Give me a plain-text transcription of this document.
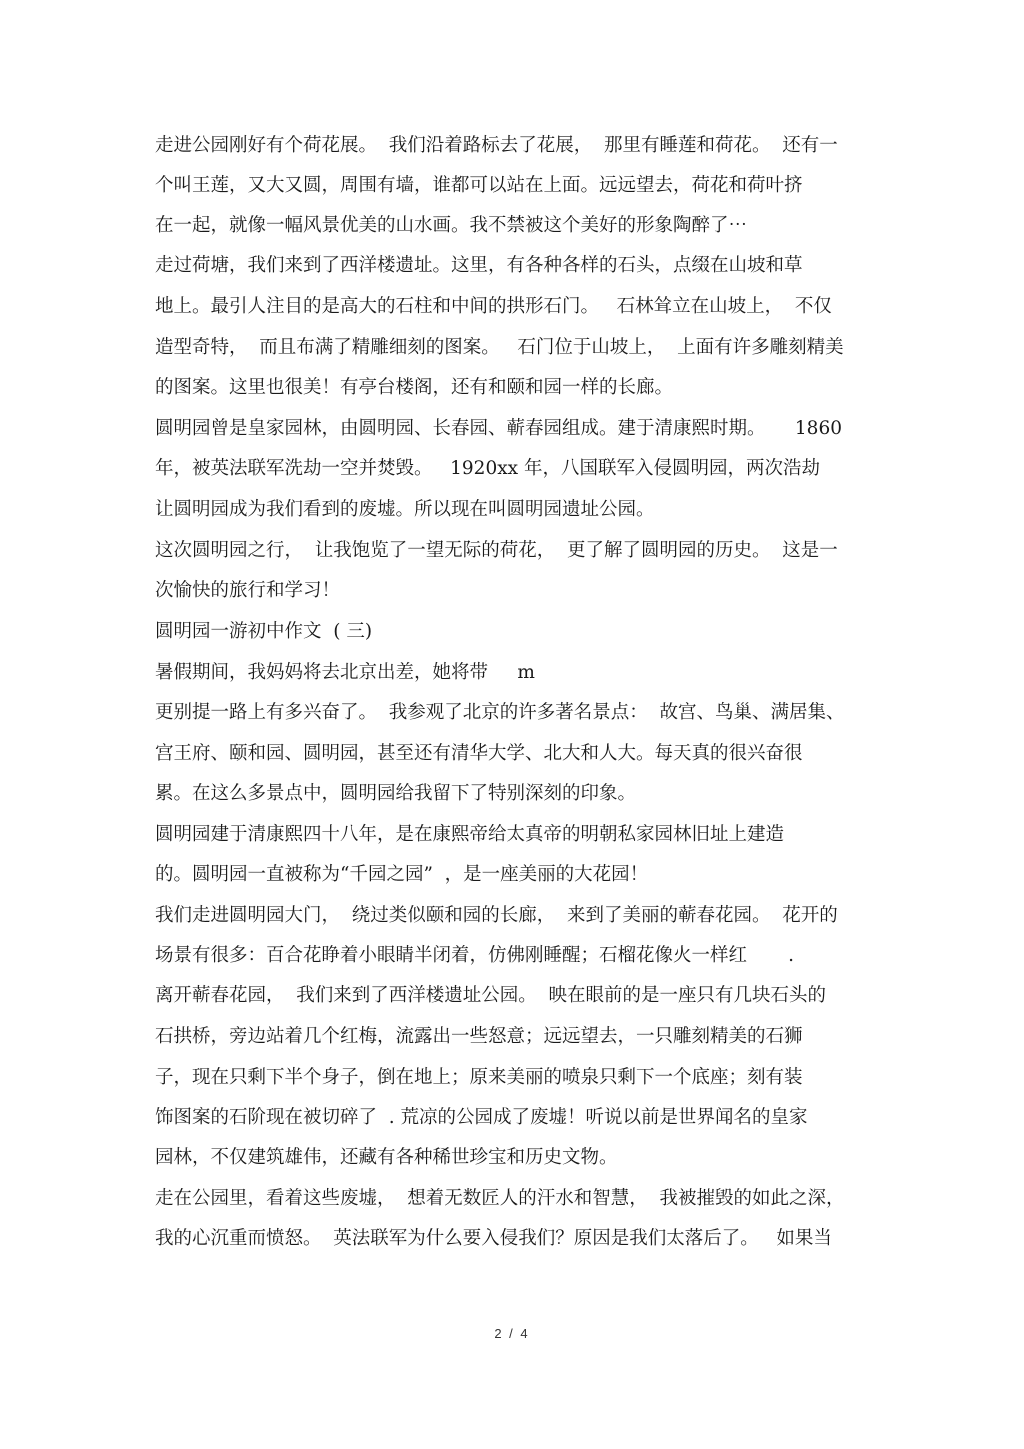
走进公园刚好有个荷花展。  我们沿着路标去了花展，  那里有睡莲和荷花。  还有一

个叫王莲，又大又圆，周围有墙，谁都可以站在上面。远远望去，荷花和荷叶挤

在一起，就像一幅风景优美的山水画。我不禁被这个美好的形象陶醉了⋯

走过荷塘，我们来到了西洋楼遗址。这里，有各种各样的石头，点缀在山坡和草

地上。最引人注目的是高大的石柱和中间的拱形石门。   石林耸立在山坡上，  不仅

造型奇特，  而且布满了精雕细刻的图案。   石门位于山坡上，  上面有许多雕刻精美

的图案。这里也很美！有亭台楼阁，还有和颐和园一样的长廊。

圆明园曾是皇家园林，由圆明园、长春园、蕲春园组成。建于清康熙时期。     1860

年，被英法联军洗劫一空并焚毁。   1920xx 年，八国联军入侵圆明园，两次浩劫

让圆明园成为我们看到的废墟。所以现在叫圆明园遗址公园。

这次圆明园之行，  让我饱览了一望无际的荷花，  更了解了圆明园的历史。  这是一

次愉快的旅行和学习！

圆明园一游初中作文  ( 三)

暑假期间，我妈妈将去北京出差，她将带     m

更别提一路上有多兴奋了。  我参观了北京的许多著名景点：  故宫、鸟巢、满居集、

宫王府、颐和园、圆明园，甚至还有清华大学、北大和人大。每天真的很兴奋很

累。在这么多景点中，圆明园给我留下了特别深刻的印象。

圆明园建于清康熙四十八年，是在康熙帝给太真帝的明朝私家园林旧址上建造

的。圆明园一直被称为“千园之园”  ，是一座美丽的大花园！

我们走进圆明园大门，  绕过类似颐和园的长廊，  来到了美丽的蕲春花园。  花开的

场景有很多：百合花睁着小眼睛半闭着，仿佛刚睡醒；石榴花像火一样红       .

离开蕲春花园，  我们来到了西洋楼遗址公园。  映在眼前的是一座只有几块石头的

石拱桥，旁边站着几个红梅，流露出一些怒意；远远望去，一只雕刻精美的石狮

子，现在只剩下半个身子，倒在地上；原来美丽的喷泉只剩下一个底座；刻有装

饰图案的石阶现在被切碎了  . 荒凉的公园成了废墟！听说以前是世界闻名的皇家

园林，不仅建筑雄伟，还藏有各种稀世珍宝和历史文物。

走在公园里，看着这些废墟，  想着无数匠人的汗水和智慧，  我被摧毁的如此之深，

我的心沉重而愤怒。  英法联军为什么要入侵我们？原因是我们太落后了。   如果当

2 / 4
